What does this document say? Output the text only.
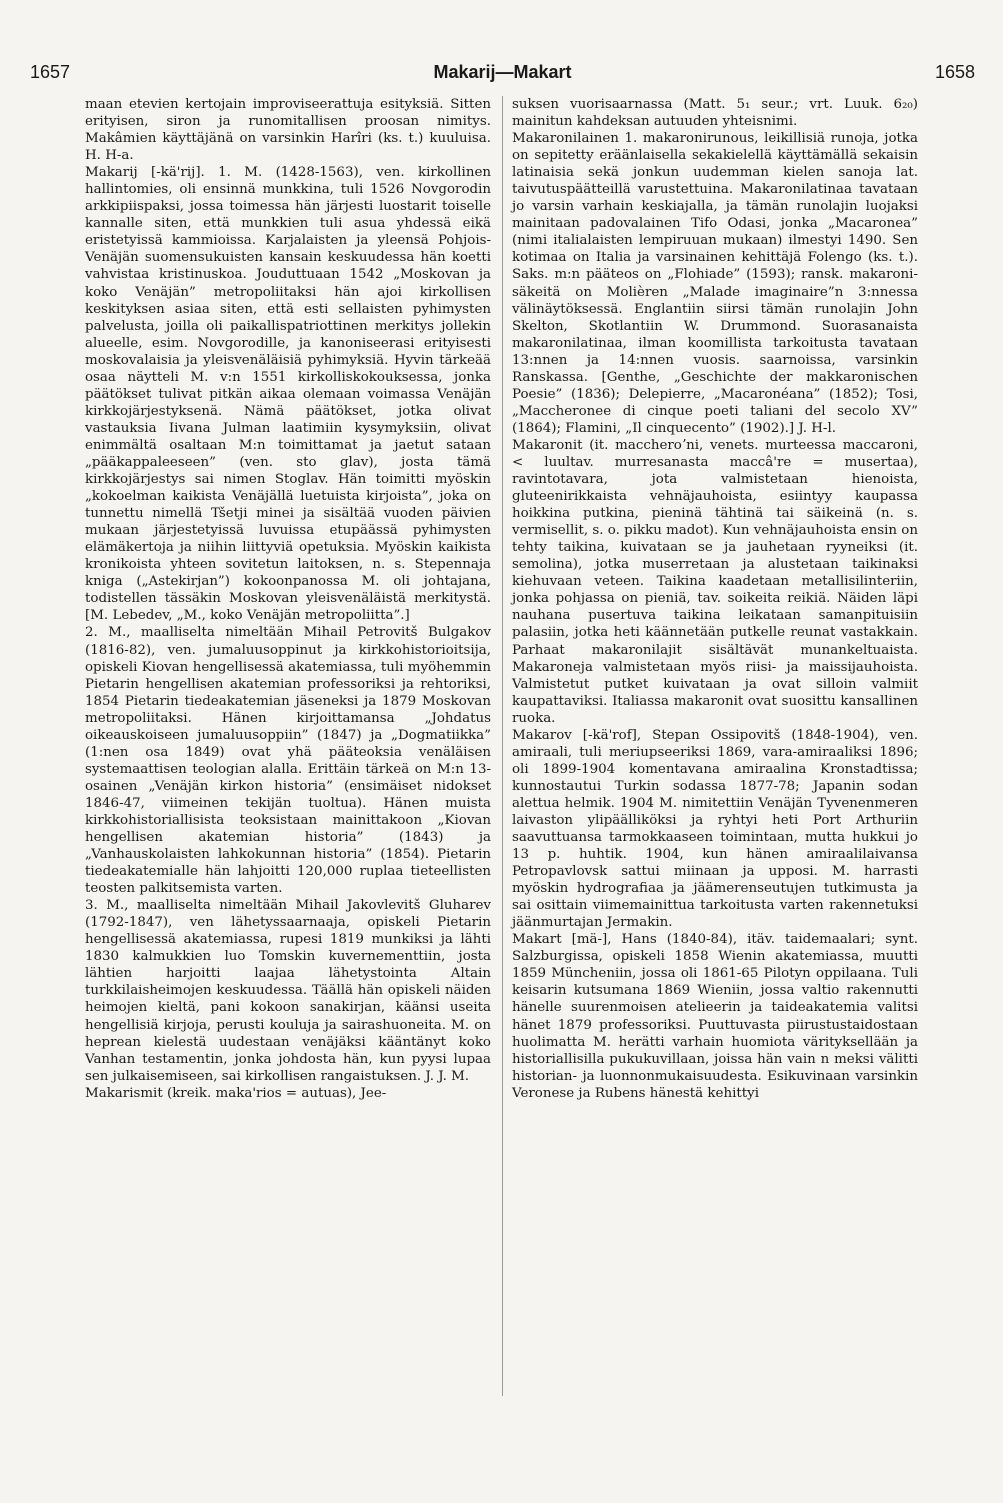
1657	Makarij—Makart	1658

maan etevien kertojain improviseerattuja esityksiä. Sitten erityisen, siron ja runomitallisen proosan nimitys. Makâmien käyttäjänä on varsinkin Harîri (ks. t.) kuuluisa. H. H-a.

Makarij [-kä'rij]. 1. M. (1428-1563), ven. kirkollinen hallintomies, oli ensinnä munkkina, tuli 1526 Novgorodin arkkipiispaksi, jossa toimessa hän järjesti luostarit toiselle kannalle siten, että munkkien tuli asua yhdessä eikä eristetyissä kammioissa. Karjalaisten ja yleensä Pohjois-Venäjän suomensukuisten kansain keskuudessa hän koetti vahvistaa kristinuskoa. Jouduttuaan 1542 „Moskovan ja koko Venäjän” metropoliitaksi hän ajoi kirkollisen keskityksen asiaa siten, että esti sellaisten pyhimysten palvelusta, joilla oli paikallispatriottinen merkitys jollekin alueelle, esim. Novgorodille, ja kanoniseerasi erityisesti moskovalaisia ja yleisvenäläisiä pyhimyksiä. Hyvin tärkeää osaa näytteli M. v:n 1551 kirkolliskokouksessa, jonka päätökset tulivat pitkän aikaa olemaan voimassa Venäjän kirkkojärjestyksenä. Nämä päätökset, jotka olivat vastauksia Iivana Julman laatimiin kysymyksiin, olivat enimmältä osaltaan M:n toimittamat ja jaetut sataan „pääkappaleeseen” (ven. sto glav), josta tämä kirkkojärjestys sai nimen Stoglav. Hän toimitti myöskin „kokoelman kaikista Venäjällä luetuista kirjoista”, joka on tunnettu nimellä Tšetji minei ja sisältää vuoden päivien mukaan järjestetyissä luvuissa etupäässä pyhimysten elämäkertoja ja niihin liittyviä opetuksia. Myöskin kaikista kronikoista yhteen sovitetun laitoksen, n. s. Stepennaja kniga („Astekirjan”) kokoonpanossa M. oli johtajana, todistellen tässäkin Moskovan yleisvenäläistä merkitystä. [M. Lebedev, „M., koko Venäjän metropoliitta”.]

2. M., maalliselta nimeltään Mihail Petrovitš Bulgakov (1816-82), ven. jumaluusoppinut ja kirkkohistorioitsija, opiskeli Kiovan hengellisessä akatemiassa, tuli myöhemmin Pietarin hengellisen akatemian professoriksi ja rehtoriksi, 1854 Pietarin tiedeakatemian jäseneksi ja 1879 Moskovan metropoliitaksi. Hänen kirjoittamansa „Johdatus oikeauskoiseen jumaluusoppiin” (1847) ja „Dogmatiikka” (1:nen osa 1849) ovat yhä pääteoksia venäläisen systemaattisen teologian alalla. Erittäin tärkeä on M:n 13-osainen „Venäjän kirkon historia” (ensimäiset nidokset 1846-47, viimeinen tekijän tuoltua). Hänen muista kirkkohistoriallisista teoksistaan mainittakoon „Kiovan hengellisen akatemian historia” (1843) ja „Vanhauskolaisten lahkokunnan historia” (1854). Pietarin tiedeakatemialle hän lahjoitti 120,000 ruplaa tieteellisten teosten palkitsemista varten.

3. M., maalliselta nimeltään Mihail Jakovlevitš Gluharev (1792-1847), ven lähetyssaarnaaja, opiskeli Pietarin hengellisessä akatemiassa, rupesi 1819 munkiksi ja lähti 1830 kalmukkien luo Tomskin kuvernementtiin, josta lähtien harjoitti laajaa lähetystointa Altain turkkilaisheimojen keskuudessa. Täällä hän opiskeli näiden heimojen kieltä, pani kokoon sanakirjan, käänsi useita hengellisiä kirjoja, perusti kouluja ja sairashuoneita. M. on heprean kielestä uudestaan venäjäksi kääntänyt koko Vanhan testamentin, jonka johdosta hän, kun pyysi lupaa sen julkaisemiseen, sai kirkollisen rangaistuksen. J. J. M.

Makarismit (kreik. maka'rios = autuas), Jee-

suksen vuorisaarnassa (Matt. 5₁ seur.; vrt. Luuk. 6₂₀) mainitun kahdeksan autuuden yhteisnimi.

Makaronilainen 1. makaronirunous, leikillisiä runoja, jotka on sepitetty eräänlaisella sekakielellä käyttämällä sekaisin latinaisia sekä jonkun uudemman kielen sanoja lat. taivutuspäätteillä varustettuina. Makaronilatinaa tavataan jo varsin varhain keskiajalla, ja tämän runolajin luojaksi mainitaan padovalainen Tifo Odasi, jonka „Macaronea” (nimi italialaisten lempiruuan mukaan) ilmestyi 1490. Sen kotimaa on Italia ja varsinainen kehittäjä Folengo (ks. t.). Saks. m:n pääteos on „Flohiade” (1593); ransk. makaroni-säkeitä on Molièren „Malade imaginaire”n 3:nnessa välinäytöksessä. Englantiin siirsi tämän runolajin John Skelton, Skotlantiin W. Drummond. Suorasanaista makaronilatinaa, ilman koomillista tarkoitusta tavataan 13:nnen ja 14:nnen vuosis. saarnoissa, varsinkin Ranskassa. [Genthe, „Geschichte der makkaronischen Poesie” (1836); Delepierre, „Macaronéana” (1852); Tosi, „Maccheronee di cinque poeti taliani del secolo XV” (1864); Flamini, „Il cinquecento” (1902).] J. H-l.

Makaronit (it. maccheroʼni, venets. murteessa maccaroni, < luultav. murresanasta maccâ're = musertaa), ravintotavara, jota valmistetaan hienoista, gluteenirikkaista vehnäjauhoista, esiintyy kaupassa hoikkina putkina, pieninä tähtinä tai säikeinä (n. s. vermisellit, s. o. pikku madot). Kun vehnäjauhoista ensin on tehty taikina, kuivataan se ja jauhetaan ryyneiksi (it. semolina), jotka muserretaan ja alustetaan taikinaksi kiehuvaan veteen. Taikina kaadetaan metallisilinteriin, jonka pohjassa on pieniä, tav. soikeita reikiä. Näiden läpi nauhana pusertuva taikina leikataan samanpituisiin palasiin, jotka heti käännetään putkelle reunat vastakkain. Parhaat makaronilajit sisältävät munankeltuaista. Makaroneja valmistetaan myös riisi- ja maissijauhoista. Valmistetut putket kuivataan ja ovat silloin valmiit kaupattaviksi. Italiassa makaronit ovat suosittu kansallinen ruoka.

Makarov [-kä'rof], Stepan Ossipovitš (1848-1904), ven. amiraali, tuli meriupseeriksi 1869, vara-amiraaliksi 1896; oli 1899-1904 komentavana amiraalina Kronstadtissa; kunnostautui Turkin sodassa 1877-78; Japanin sodan alettua helmik. 1904 M. nimitettiin Venäjän Tyvenenmeren laivaston ylipäälliköksi ja ryhtyi heti Port Arthuriin saavuttuansa tarmokkaaseen toimintaan, mutta hukkui jo 13 p. huhtik. 1904, kun hänen amiraalilaivansa Petropavlovsk sattui miinaan ja upposi. M. harrasti myöskin hydrografiaa ja jäämerenseutujen tutkimusta ja sai osittain viimemainittua tarkoitusta varten rakennetuksi jäänmurtajan Jermakin.

Makart [mä-], Hans (1840-84), itäv. taidemaalari; synt. Salzburgissa, opiskeli 1858 Wienin akatemiassa, muutti 1859 Müncheniin, jossa oli 1861-65 Pilotyn oppilaana. Tuli keisarin kutsumana 1869 Wieniin, jossa valtio rakennutti hänelle suurenmoisen atelieerin ja taideakatemia valitsi hänet 1879 professoriksi. Puuttuvasta piirustustaidostaan huolimatta M. herätti varhain huomiota värityksellään ja historiallisilla pukukuvillaan, joissa hän vain n meksi välitti historian- ja luonnonmukaisuudesta. Esikuvinaan varsinkin Veronese ja Rubens hänestä kehittyi
